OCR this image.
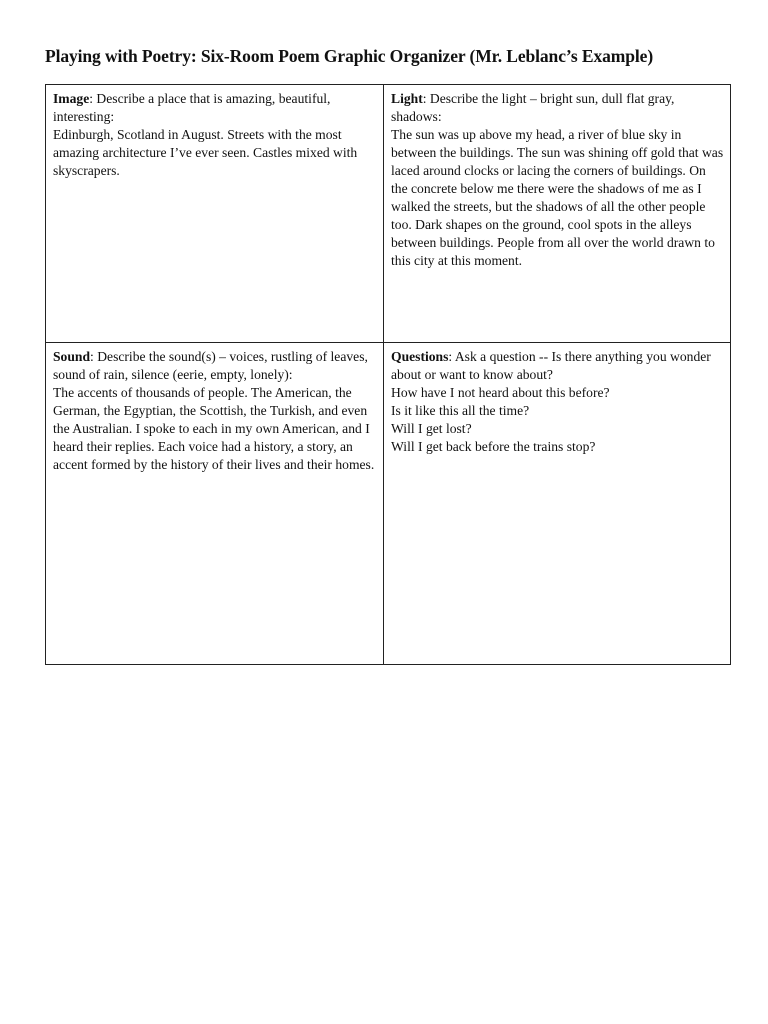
Playing with Poetry: Six-Room Poem Graphic Organizer (Mr. Leblanc’s Example)
Image: Describe a place that is amazing, beautiful, interesting:
Edinburgh, Scotland in August. Streets with the most amazing architecture I’ve ever seen. Castles mixed with skyscrapers.
Light: Describe the light – bright sun, dull flat gray, shadows:
The sun was up above my head, a river of blue sky in between the buildings. The sun was shining off gold that was laced around clocks or lacing the corners of buildings. On the concrete below me there were the shadows of me as I walked the streets, but the shadows of all the other people too. Dark shapes on the ground, cool spots in the alleys between buildings. People from all over the world drawn to this city at this moment.
Sound: Describe the sound(s) – voices, rustling of leaves, sound of rain, silence (eerie, empty, lonely):
The accents of thousands of people. The American, the German, the Egyptian, the Scottish, the Turkish, and even the Australian. I spoke to each in my own American, and I heard their replies. Each voice had a history, a story, an accent formed by the history of their lives and their homes.
Questions: Ask a question -- Is there anything you wonder about or want to know about?
How have I not heard about this before?
Is it like this all the time?
Will I get lost?
Will I get back before the trains stop?
